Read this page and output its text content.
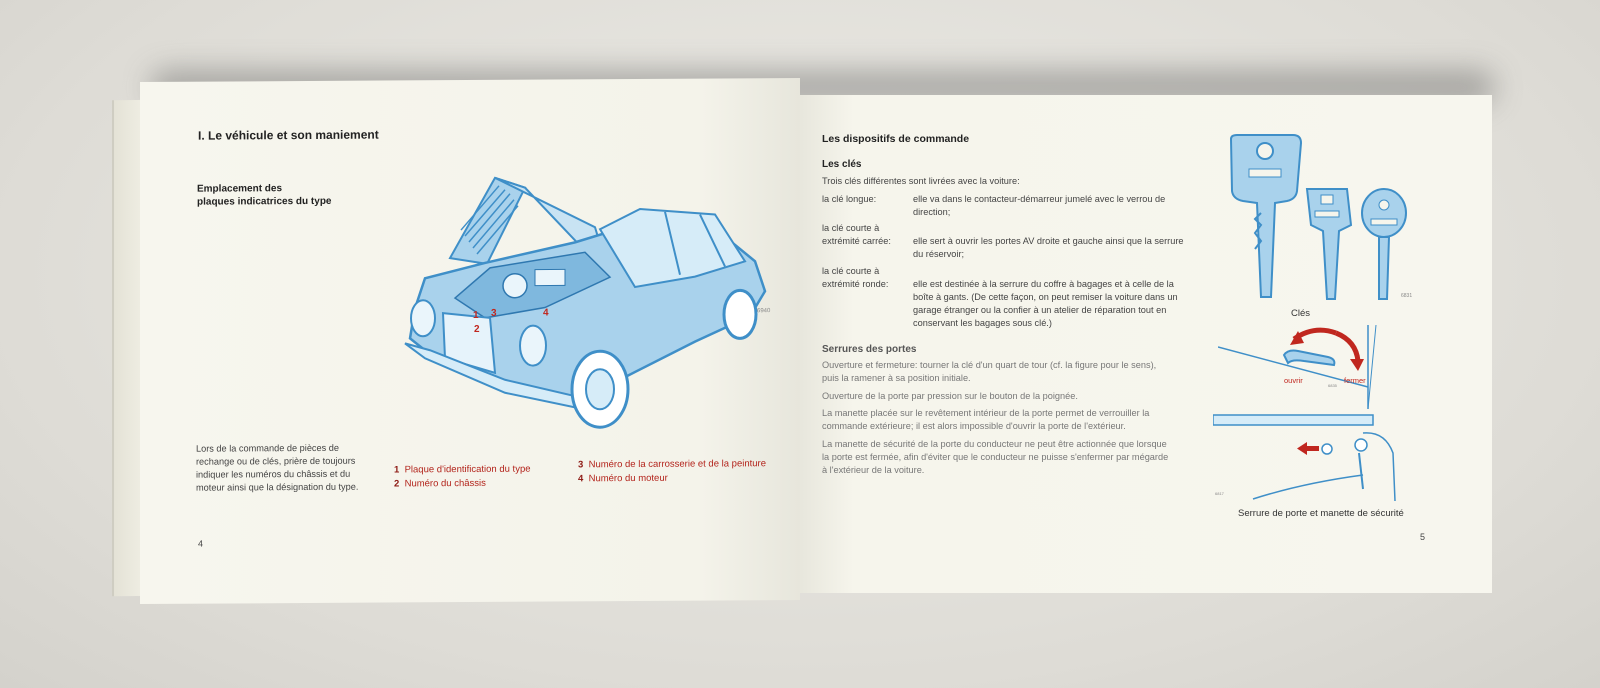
I. Le véhicule et son maniement
Emplacement des
plaques indicatrices du type
1 3	4
2
6940
Lors de la commande de pièces de
rechange ou de clés, prière de toujours
indiquer les numéros du châssis et du
moteur ainsi que la désignation du type.
1 Plaque d'identification du type
2 Numéro du châssis
3 Numéro de la carrosserie et de la peinture
4 Numéro du moteur
4
Les dispositifs de commande
Les clés
Trois clés différentes sont livrées avec la voiture:
la clé longue:	elle va dans le contacteur-démarreur jumelé avec le verrou de
direction;
la clé courte à
extrémité carrée: elle sert à ouvrir les portes AV droite et gauche ainsi que la serrure
du réservoir;
la clé courte à
extrémité ronde:	elle est destinée à la serrure du coffre à bagages et à celle de la
boîte à gants. (De cette façon, on peut remiser la voiture dans un
garage étranger ou la confier à un atelier de réparation tout en
conservant les bagages sous clé.)
Serrures des portes
Ouverture et fermeture: tourner la clé d'un quart de tour (cf. la figure pour le sens),
puis la ramener à sa position initiale.
Ouverture de la porte par pression sur le bouton de la poignée.
La manette placée sur le revêtement intérieur de la porte permet de verrouiller la
commande extérieure; il est alors impossible d'ouvrir la porte de l'extérieur.
La manette de sécurité de la porte du conducteur ne peut être actionnée que lorsque
la porte est fermée, afin d'éviter que le conducteur ne puisse s'enfermer par mégarde
à l'extérieur de la voiture.
6831
Clés
ouvrir	fermer
6835
6817
Serrure de porte et manette de sécurité
5
